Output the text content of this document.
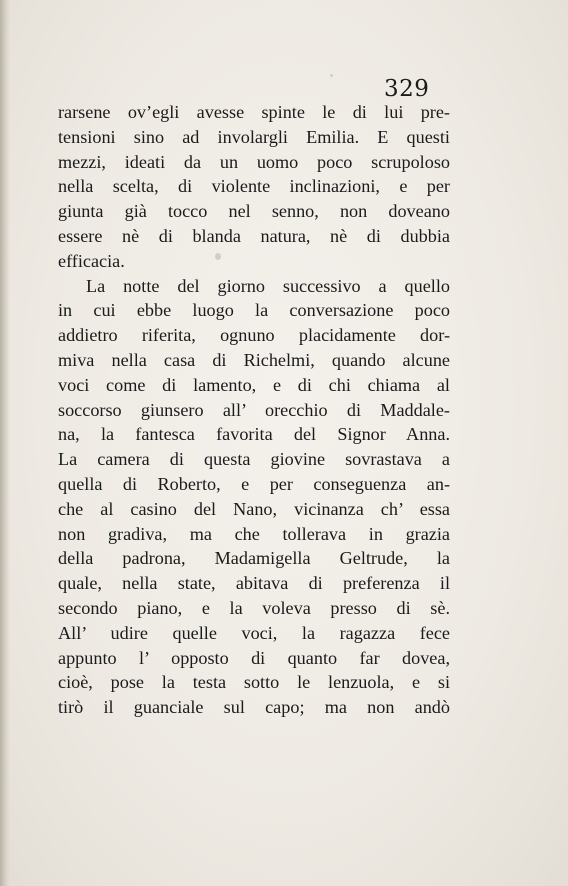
329
rarsene ov’egli avesse spinte le di lui pre-
tensioni sino ad involargli Emilia. E questi
mezzi, ideati da un uomo poco scrupoloso
nella scelta, di violente inclinazioni, e per
giunta già tocco nel senno, non doveano
essere nè di blanda natura, nè di dubbia
efficacia.
La notte del giorno successivo a quello
in cui ebbe luogo la conversazione poco
addietro riferita, ognuno placidamente dor-
miva nella casa di Richelmi, quando alcune
voci come di lamento, e di chi chiama al
soccorso giunsero all’ orecchio di Maddale-
na, la fantesca favorita del Signor Anna.
La camera di questa giovine sovrastava a
quella di Roberto, e per conseguenza an-
che al casino del Nano, vicinanza ch’ essa
non gradiva, ma che tollerava in grazia
della padrona, Madamigella Geltrude, la
quale, nella state, abitava di preferenza il
secondo piano, e la voleva presso di sè.
All’ udire quelle voci, la ragazza fece
appunto l’ opposto di quanto far dovea,
cioè, pose la testa sotto le lenzuola, e si
tirò il guanciale sul capo; ma non andò
